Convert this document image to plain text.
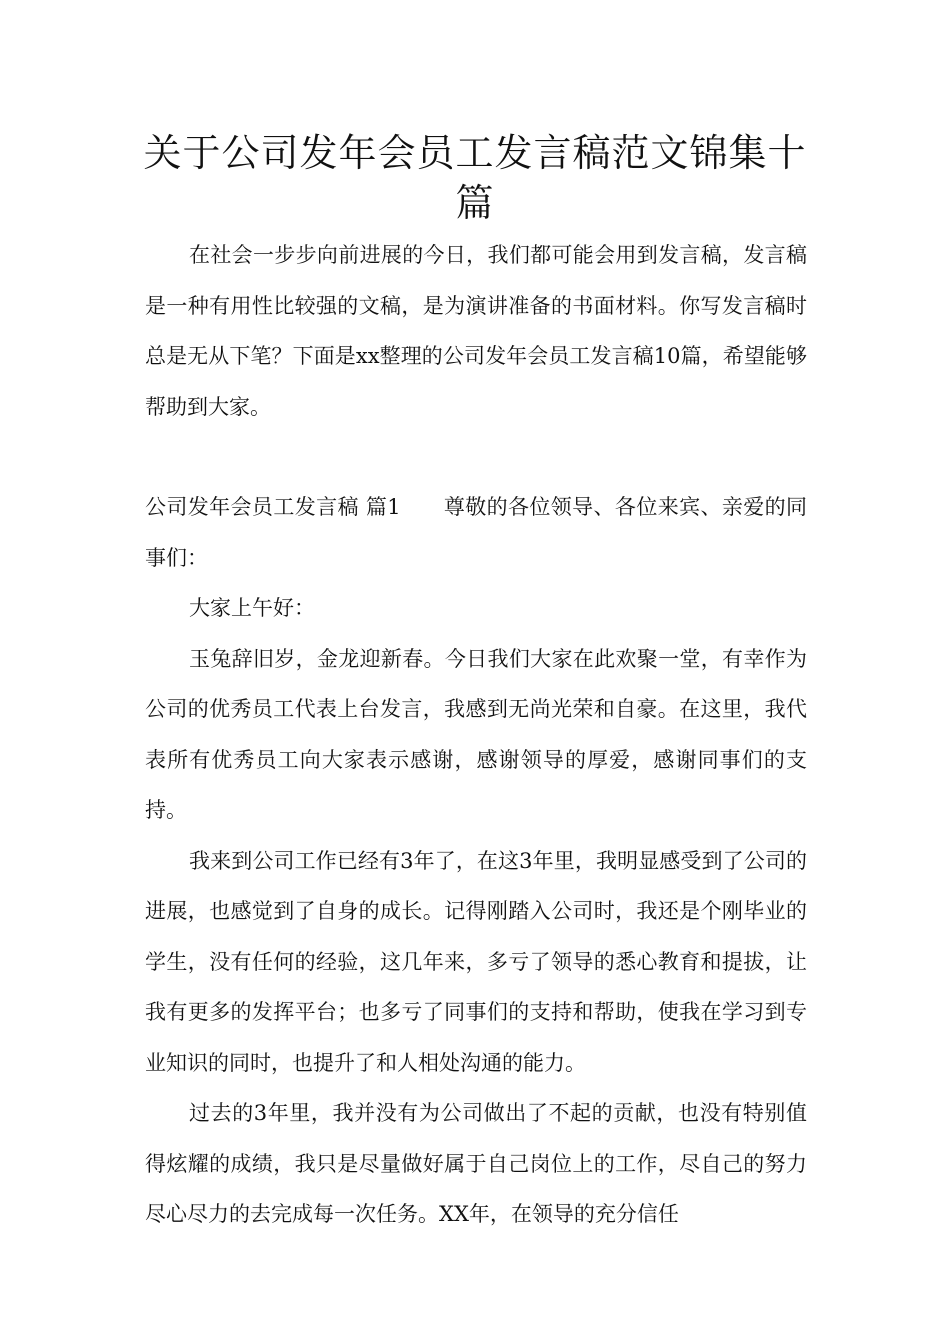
关于公司发年会员工发言稿范文锦集十篇

在社会一步步向前进展的今日，我们都可能会用到发言稿，发言稿是一种有用性比较强的文稿，是为演讲准备的书面材料。你写发言稿时总是无从下笔？下面是xx整理的公司发年会员工发言稿10篇，希望能够帮助到大家。

公司发年会员工发言稿 篇1　　 尊敬的各位领导、各位来宾、亲爱的同事们：

大家上午好：

玉兔辞旧岁，金龙迎新春。今日我们大家在此欢聚一堂，有幸作为公司的优秀员工代表上台发言，我感到无尚光荣和自豪。在这里，我代表所有优秀员工向大家表示感谢，感谢领导的厚爱，感谢同事们的支持。

我来到公司工作已经有3年了，在这3年里，我明显感受到了公司的进展，也感觉到了自身的成长。记得刚踏入公司时，我还是个刚毕业的学生，没有任何的经验，这几年来，多亏了领导的悉心教育和提拔，让我有更多的发挥平台；也多亏了同事们的支持和帮助，使我在学习到专业知识的同时，也提升了和人相处沟通的能力。

过去的3年里，我并没有为公司做出了不起的贡献，也没有特别值得炫耀的成绩，我只是尽量做好属于自己岗位上的工作，尽自己的努力尽心尽力的去完成每一次任务。XX年，在领导的充分信任
